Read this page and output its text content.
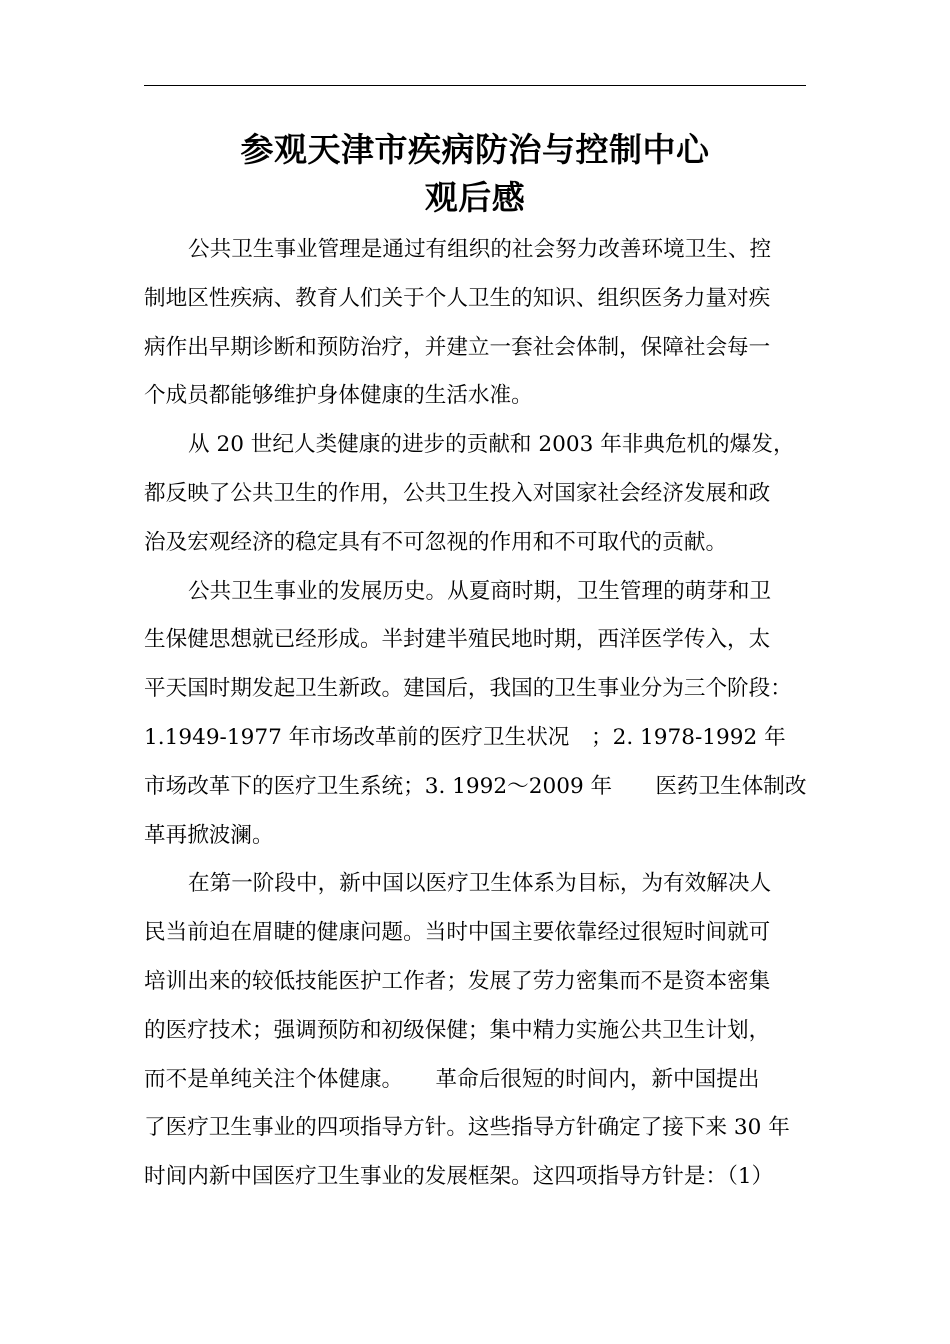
参观天津市疾病防治与控制中心
观后感
公共卫生事业管理是通过有组织的社会努力改善环境卫生、控
制地区性疾病、教育人们关于个人卫生的知识、组织医务力量对疾
病作出早期诊断和预防治疗，并建立一套社会体制，保障社会每一
个成员都能够维护身体健康的生活水准。
从 20 世纪人类健康的进步的贡献和 2003 年非典危机的爆发，
都反映了公共卫生的作用，公共卫生投入对国家社会经济发展和政
治及宏观经济的稳定具有不可忽视的作用和不可取代的贡献。
公共卫生事业的发展历史。从夏商时期，卫生管理的萌芽和卫
生保健思想就已经形成。半封建半殖民地时期，西洋医学传入，太
平天国时期发起卫生新政。建国后，我国的卫生事业分为三个阶段：
1.1949-1977 年市场改革前的医疗卫生状况　；2. 1978-1992 年
市场改革下的医疗卫生系统；3. 1992～2009 年　　医药卫生体制改
革再掀波澜。
在第一阶段中，新中国以医疗卫生体系为目标，为有效解决人
民当前迫在眉睫的健康问题。当时中国主要依靠经过很短时间就可
培训出来的较低技能医护工作者；发展了劳力密集而不是资本密集
的医疗技术；强调预防和初级保健；集中精力实施公共卫生计划，
而不是单纯关注个体健康。　　革命后很短的时间内，新中国提出
了医疗卫生事业的四项指导方针。这些指导方针确定了接下来 30 年
时间内新中国医疗卫生事业的发展框架。这四项指导方针是：（1）
